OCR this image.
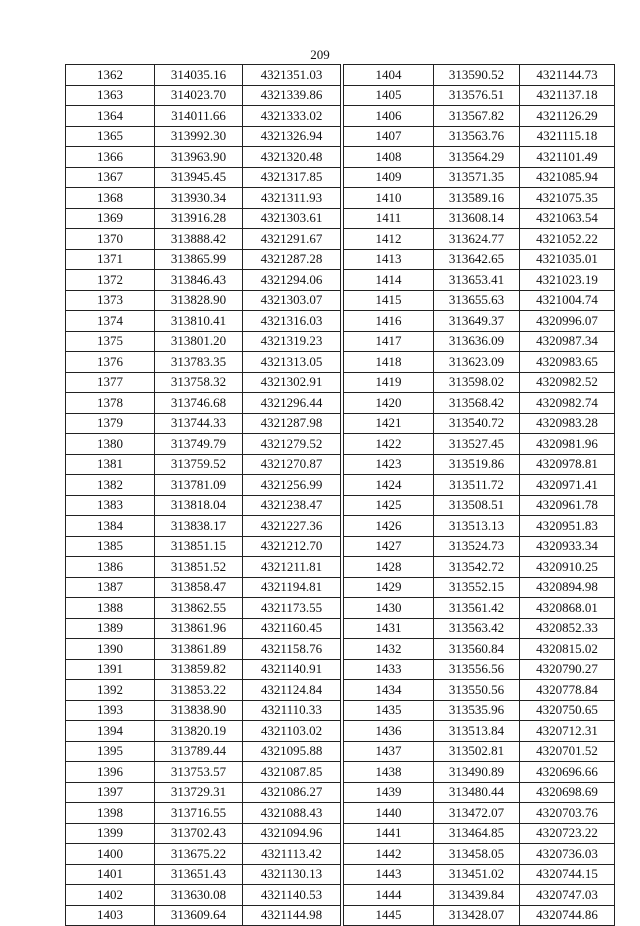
209
1362	314035.16	4321351.03
1363	314023.70	4321339.86
1364	314011.66	4321333.02
1365	313992.30	4321326.94
1366	313963.90	4321320.48
1367	313945.45	4321317.85
1368	313930.34	4321311.93
1369	313916.28	4321303.61
1370	313888.42	4321291.67
1371	313865.99	4321287.28
1372	313846.43	4321294.06
1373	313828.90	4321303.07
1374	313810.41	4321316.03
1375	313801.20	4321319.23
1376	313783.35	4321313.05
1377	313758.32	4321302.91
1378	313746.68	4321296.44
1379	313744.33	4321287.98
1380	313749.79	4321279.52
1381	313759.52	4321270.87
1382	313781.09	4321256.99
1383	313818.04	4321238.47
1384	313838.17	4321227.36
1385	313851.15	4321212.70
1386	313851.52	4321211.81
1387	313858.47	4321194.81
1388	313862.55	4321173.55
1389	313861.96	4321160.45
1390	313861.89	4321158.76
1391	313859.82	4321140.91
1392	313853.22	4321124.84
1393	313838.90	4321110.33
1394	313820.19	4321103.02
1395	313789.44	4321095.88
1396	313753.57	4321087.85
1397	313729.31	4321086.27
1398	313716.55	4321088.43
1399	313702.43	4321094.96
1400	313675.22	4321113.42
1401	313651.43	4321130.13
1402	313630.08	4321140.53
1403	313609.64	4321144.98
1404	313590.52	4321144.73
1405	313576.51	4321137.18
1406	313567.82	4321126.29
1407	313563.76	4321115.18
1408	313564.29	4321101.49
1409	313571.35	4321085.94
1410	313589.16	4321075.35
1411	313608.14	4321063.54
1412	313624.77	4321052.22
1413	313642.65	4321035.01
1414	313653.41	4321023.19
1415	313655.63	4321004.74
1416	313649.37	4320996.07
1417	313636.09	4320987.34
1418	313623.09	4320983.65
1419	313598.02	4320982.52
1420	313568.42	4320982.74
1421	313540.72	4320983.28
1422	313527.45	4320981.96
1423	313519.86	4320978.81
1424	313511.72	4320971.41
1425	313508.51	4320961.78
1426	313513.13	4320951.83
1427	313524.73	4320933.34
1428	313542.72	4320910.25
1429	313552.15	4320894.98
1430	313561.42	4320868.01
1431	313563.42	4320852.33
1432	313560.84	4320815.02
1433	313556.56	4320790.27
1434	313550.56	4320778.84
1435	313535.96	4320750.65
1436	313513.84	4320712.31
1437	313502.81	4320701.52
1438	313490.89	4320696.66
1439	313480.44	4320698.69
1440	313472.07	4320703.76
1441	313464.85	4320723.22
1442	313458.05	4320736.03
1443	313451.02	4320744.15
1444	313439.84	4320747.03
1445	313428.07	4320744.86
